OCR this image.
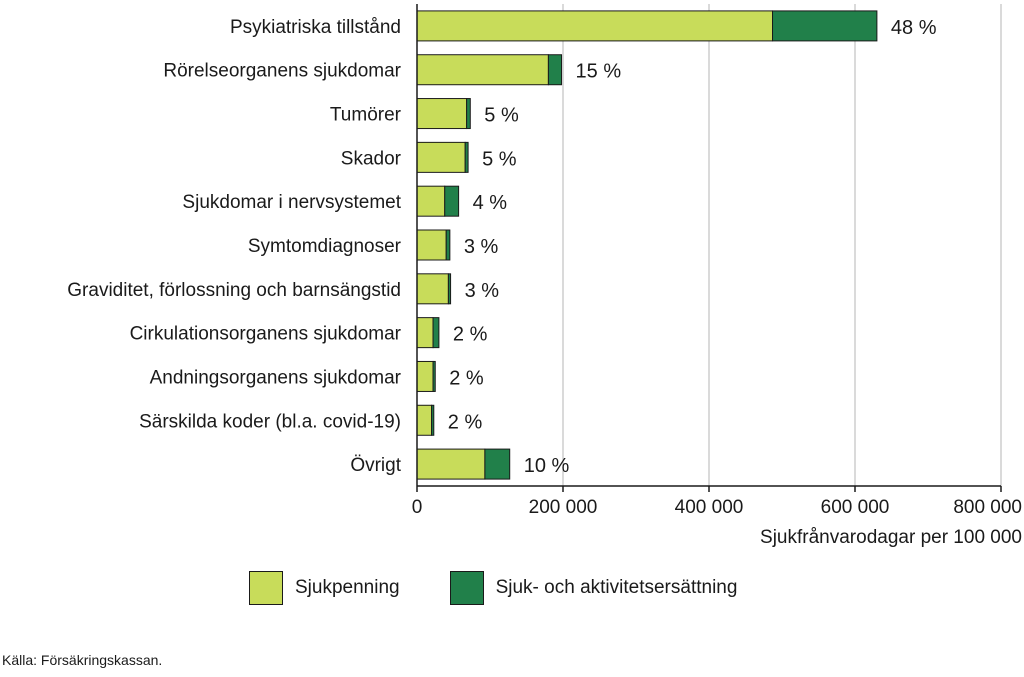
Psykiatriska tillstånd
Rörelseorganens sjukdomar
Tumörer
Skador
Sjukdomar i nervsystemet
Symtomdiagnoser
Graviditet, förlossning och barnsängstid
Cirkulationsorganens sjukdomar
Andningsorganens sjukdomar
Särskilda koder (bl.a. covid-19)
Övrigt
48 %
15 %
5 %
5 %
4 %
3 %
3 %
2 %
2 %
2 %
10 %
0	200 000	400 000	600 000	800 000
Sjukfrånvarodagar per 100 000
Sjukpenning	Sjuk- och aktivitetsersättning
Källa: Försäkringskassan.
